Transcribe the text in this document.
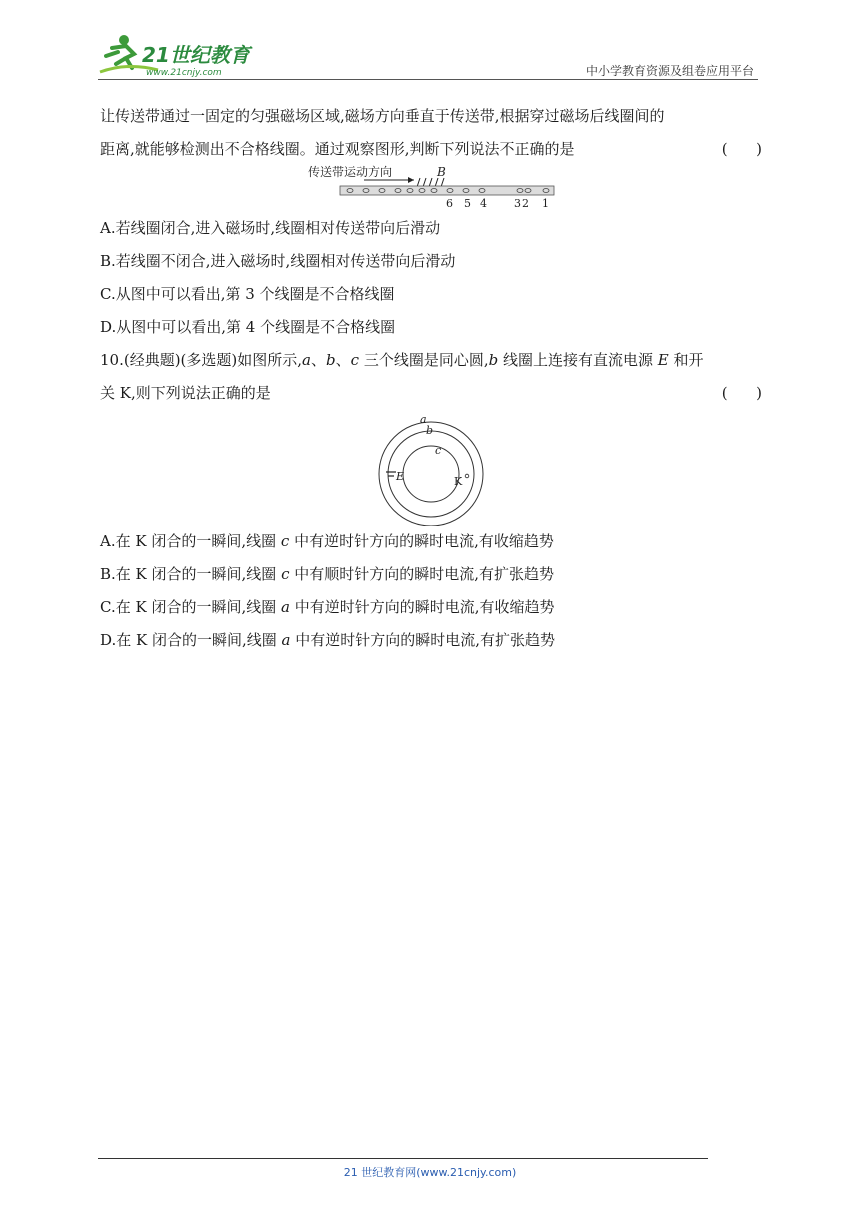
21世纪教育
www.21cnjy.com	中小学教育资源及组卷应用平台

让传送带通过一固定的匀强磁场区域,磁场方向垂直于传送带,根据穿过磁场后线圈间的

距离,就能够检测出不合格线圈。通过观察图形,判断下列说法不正确的是	(      )

A.若线圈闭合,进入磁场时,线圈相对传送带向后滑动

B.若线圈不闭合,进入磁场时,线圈相对传送带向后滑动

C.从图中可以看出,第 3 个线圈是不合格线圈

D.从图中可以看出,第 4 个线圈是不合格线圈

10.(经典题)(多选题)如图所示,a、b、c 三个线圈是同心圆,b 线圈上连接有直流电源 E 和开

关 K,则下列说法正确的是	(      )

A.在 K 闭合的一瞬间,线圈 c 中有逆时针方向的瞬时电流,有收缩趋势

B.在 K 闭合的一瞬间,线圈 c 中有顺时针方向的瞬时电流,有扩张趋势

C.在 K 闭合的一瞬间,线圈 a 中有逆时针方向的瞬时电流,有收缩趋势

D.在 K 闭合的一瞬间,线圈 a 中有逆时针方向的瞬时电流,有扩张趋势

传送带运动方向	B
6 5 4 3 2 1
a
b
c
E	K
21 世纪教育网(www.21cnjy.com)
